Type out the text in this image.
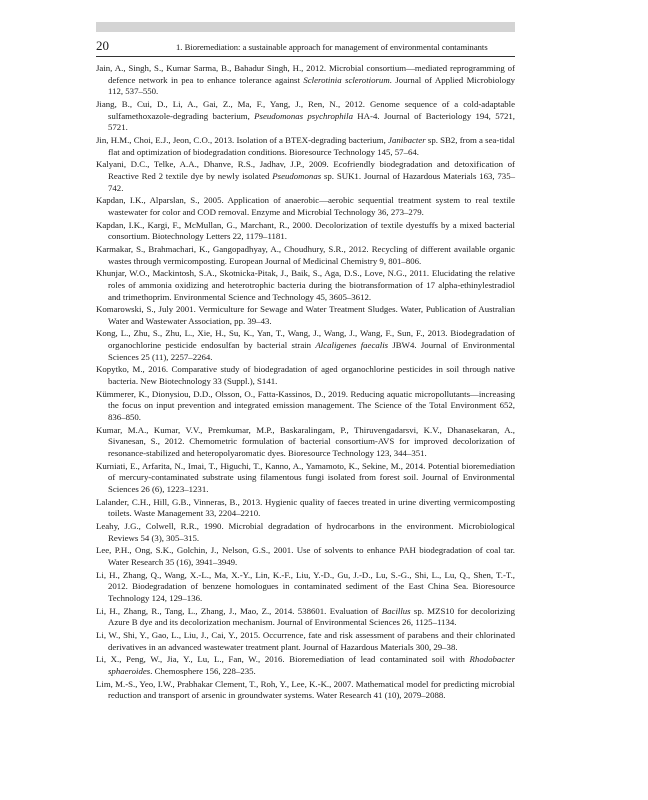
20	1. Bioremediation: a sustainable approach for management of environmental contaminants
Jain, A., Singh, S., Kumar Sarma, B., Bahadur Singh, H., 2012. Microbial consortium—mediated reprogramming of defence network in pea to enhance tolerance against Sclerotinia sclerotiorum. Journal of Applied Microbiology 112, 537–550.
Jiang, B., Cui, D., Li, A., Gai, Z., Ma, F., Yang, J., Ren, N., 2012. Genome sequence of a cold-adaptable sulfamethoxazole-degrading bacterium, Pseudomonas psychrophila HA-4. Journal of Bacteriology 194, 5721, 5721.
Jin, H.M., Choi, E.J., Jeon, C.O., 2013. Isolation of a BTEX-degrading bacterium, Janibacter sp. SB2, from a sea-tidal flat and optimization of biodegradation conditions. Bioresource Technology 145, 57–64.
Kalyani, D.C., Telke, A.A., Dhanve, R.S., Jadhav, J.P., 2009. Ecofriendly biodegradation and detoxification of Reactive Red 2 textile dye by newly isolated Pseudomonas sp. SUK1. Journal of Hazardous Materials 163, 735–742.
Kapdan, I.K., Alparslan, S., 2005. Application of anaerobic—aerobic sequential treatment system to real textile wastewater for color and COD removal. Enzyme and Microbial Technology 36, 273–279.
Kapdan, I.K., Kargi, F., McMullan, G., Marchant, R., 2000. Decolorization of textile dyestuffs by a mixed bacterial consortium. Biotechnology Letters 22, 1179–1181.
Karmakar, S., Brahmachari, K., Gangopadhyay, A., Choudhury, S.R., 2012. Recycling of different available organic wastes through vermicomposting. European Journal of Medicinal Chemistry 9, 801–806.
Khunjar, W.O., Mackintosh, S.A., Skotnicka-Pitak, J., Baik, S., Aga, D.S., Love, N.G., 2011. Elucidating the relative roles of ammonia oxidizing and heterotrophic bacteria during the biotransformation of 17 alpha-ethinylestradiol and trimethoprim. Environmental Science and Technology 45, 3605–3612.
Komarowski, S., July 2001. Vermiculture for Sewage and Water Treatment Sludges. Water, Publication of Australian Water and Wastewater Association, pp. 39–43.
Kong, L., Zhu, S., Zhu, L., Xie, H., Su, K., Yan, T., Wang, J., Wang, J., Wang, F., Sun, F., 2013. Biodegradation of organochlorine pesticide endosulfan by bacterial strain Alcaligenes faecalis JBW4. Journal of Environmental Sciences 25 (11), 2257–2264.
Kopytko, M., 2016. Comparative study of biodegradation of aged organochlorine pesticides in soil through native bacteria. New Biotechnology 33 (Suppl.), S141.
Kümmerer, K., Dionysiou, D.D., Olsson, O., Fatta-Kassinos, D., 2019. Reducing aquatic micropollutants—increasing the focus on input prevention and integrated emission management. The Science of the Total Environment 652, 836–850.
Kumar, M.A., Kumar, V.V., Premkumar, M.P., Baskaralingam, P., Thiruvengadarsvi, K.V., Dhanasekaran, A., Sivanesan, S., 2012. Chemometric formulation of bacterial consortium-AVS for improved decolorization of resonance-stabilized and heteropolyaromatic dyes. Bioresource Technology 123, 344–351.
Kurniati, E., Arfarita, N., Imai, T., Higuchi, T., Kanno, A., Yamamoto, K., Sekine, M., 2014. Potential bioremediation of mercury-contaminated substrate using filamentous fungi isolated from forest soil. Journal of Environmental Sciences 26 (6), 1223–1231.
Lalander, C.H., Hill, G.B., Vinneras, B., 2013. Hygienic quality of faeces treated in urine diverting vermicomposting toilets. Waste Management 33, 2204–2210.
Leahy, J.G., Colwell, R.R., 1990. Microbial degradation of hydrocarbons in the environment. Microbiological Reviews 54 (3), 305–315.
Lee, P.H., Ong, S.K., Golchin, J., Nelson, G.S., 2001. Use of solvents to enhance PAH biodegradation of coal tar. Water Research 35 (16), 3941–3949.
Li, H., Zhang, Q., Wang, X.-L., Ma, X.-Y., Lin, K.-F., Liu, Y.-D., Gu, J.-D., Lu, S.-G., Shi, L., Lu, Q., Shen, T.-T., 2012. Biodegradation of benzene homologues in contaminated sediment of the East China Sea. Bioresource Technology 124, 129–136.
Li, H., Zhang, R., Tang, L., Zhang, J., Mao, Z., 2014. 538601. Evaluation of Bacillus sp. MZS10 for decolorizing Azure B dye and its decolorization mechanism. Journal of Environmental Sciences 26, 1125–1134.
Li, W., Shi, Y., Gao, L., Liu, J., Cai, Y., 2015. Occurrence, fate and risk assessment of parabens and their chlorinated derivatives in an advanced wastewater treatment plant. Journal of Hazardous Materials 300, 29–38.
Li, X., Peng, W., Jia, Y., Lu, L., Fan, W., 2016. Bioremediation of lead contaminated soil with Rhodobacter sphaeroides. Chemosphere 156, 228–235.
Lim, M.-S., Yeo, I.W., Prabhakar Clement, T., Roh, Y., Lee, K.-K., 2007. Mathematical model for predicting microbial reduction and transport of arsenic in groundwater systems. Water Research 41 (10), 2079–2088.
